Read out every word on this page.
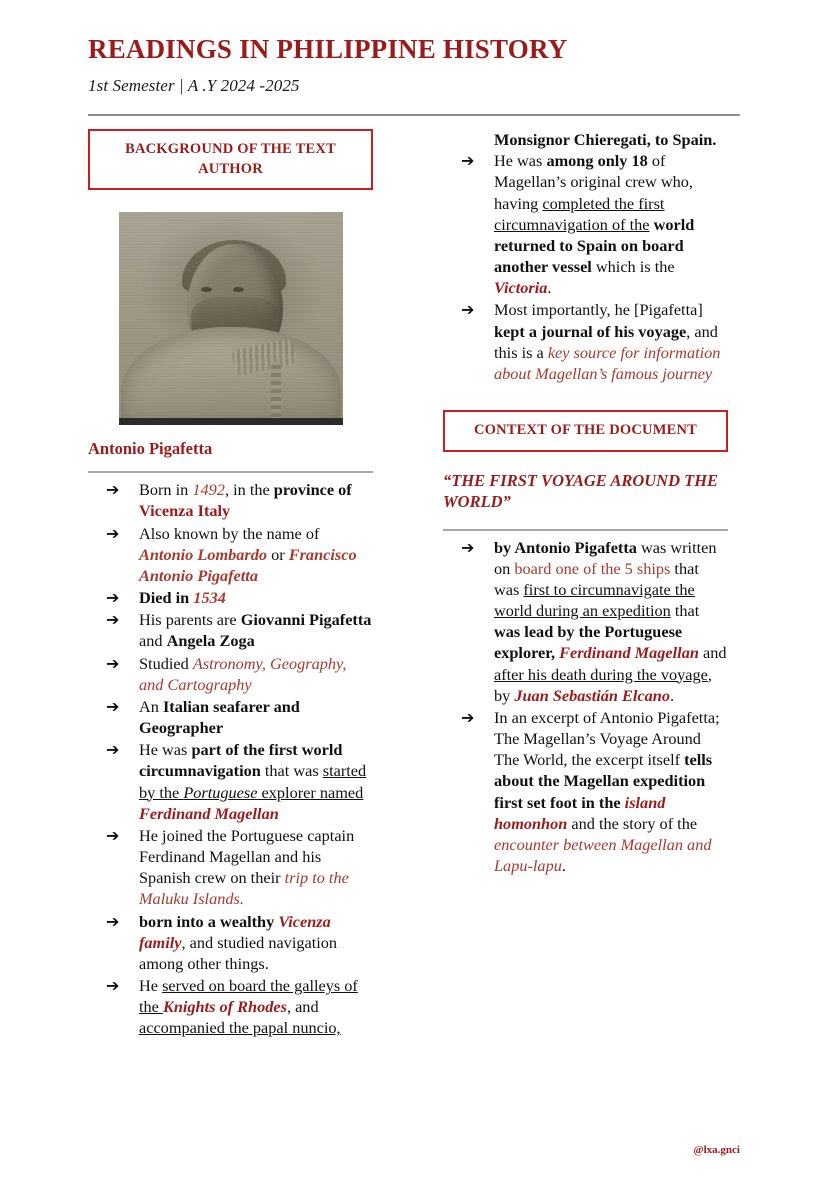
READINGS IN PHILIPPINE HISTORY
1st Semester | A .Y 2024 -2025
BACKGROUND OF THE TEXT AUTHOR
Antonio Pigafetta
➔ Born in 1492, in the province of Vicenza Italy
➔ Also known by the name of Antonio Lombardo or Francisco Antonio Pigafetta
➔ Died in 1534
➔ His parents are Giovanni Pigafetta and Angela Zoga
➔ Studied Astronomy, Geography, and Cartography
➔ An Italian seafarer and Geographer
➔ He was part of the first world circumnavigation that was started by the Portuguese explorer named Ferdinand Magellan
➔ He joined the Portuguese captain Ferdinand Magellan and his Spanish crew on their trip to the Maluku Islands.
➔ born into a wealthy Vicenza family, and studied navigation among other things.
➔ He served on board the galleys of the Knights of Rhodes, and accompanied the papal nuncio,

Monsignor Chieregati, to Spain.

➔ He was among only 18 of Magellan’s original crew who, having completed the first circumnavigation of the world returned to Spain on board another vessel which is the Victoria.
➔ Most importantly, he [Pigafetta] kept a journal of his voyage, and this is a key source for information about Magellan’s famous journey
CONTEXT OF THE DOCUMENT
“THE FIRST VOYAGE AROUND THE WORLD”
➔ by Antonio Pigafetta was written on board one of the 5 ships that was first to circumnavigate the world during an expedition that was lead by the Portuguese explorer, Ferdinand Magellan and after his death during the voyage, by Juan Sebastián Elcano.
➔ In an excerpt of Antonio Pigafetta; The Magellan’s Voyage Around The World, the excerpt itself tells about the Magellan expedition first set foot in the island homonhon and the story of the encounter between Magellan and Lapu-lapu.
@lxa.gnci
